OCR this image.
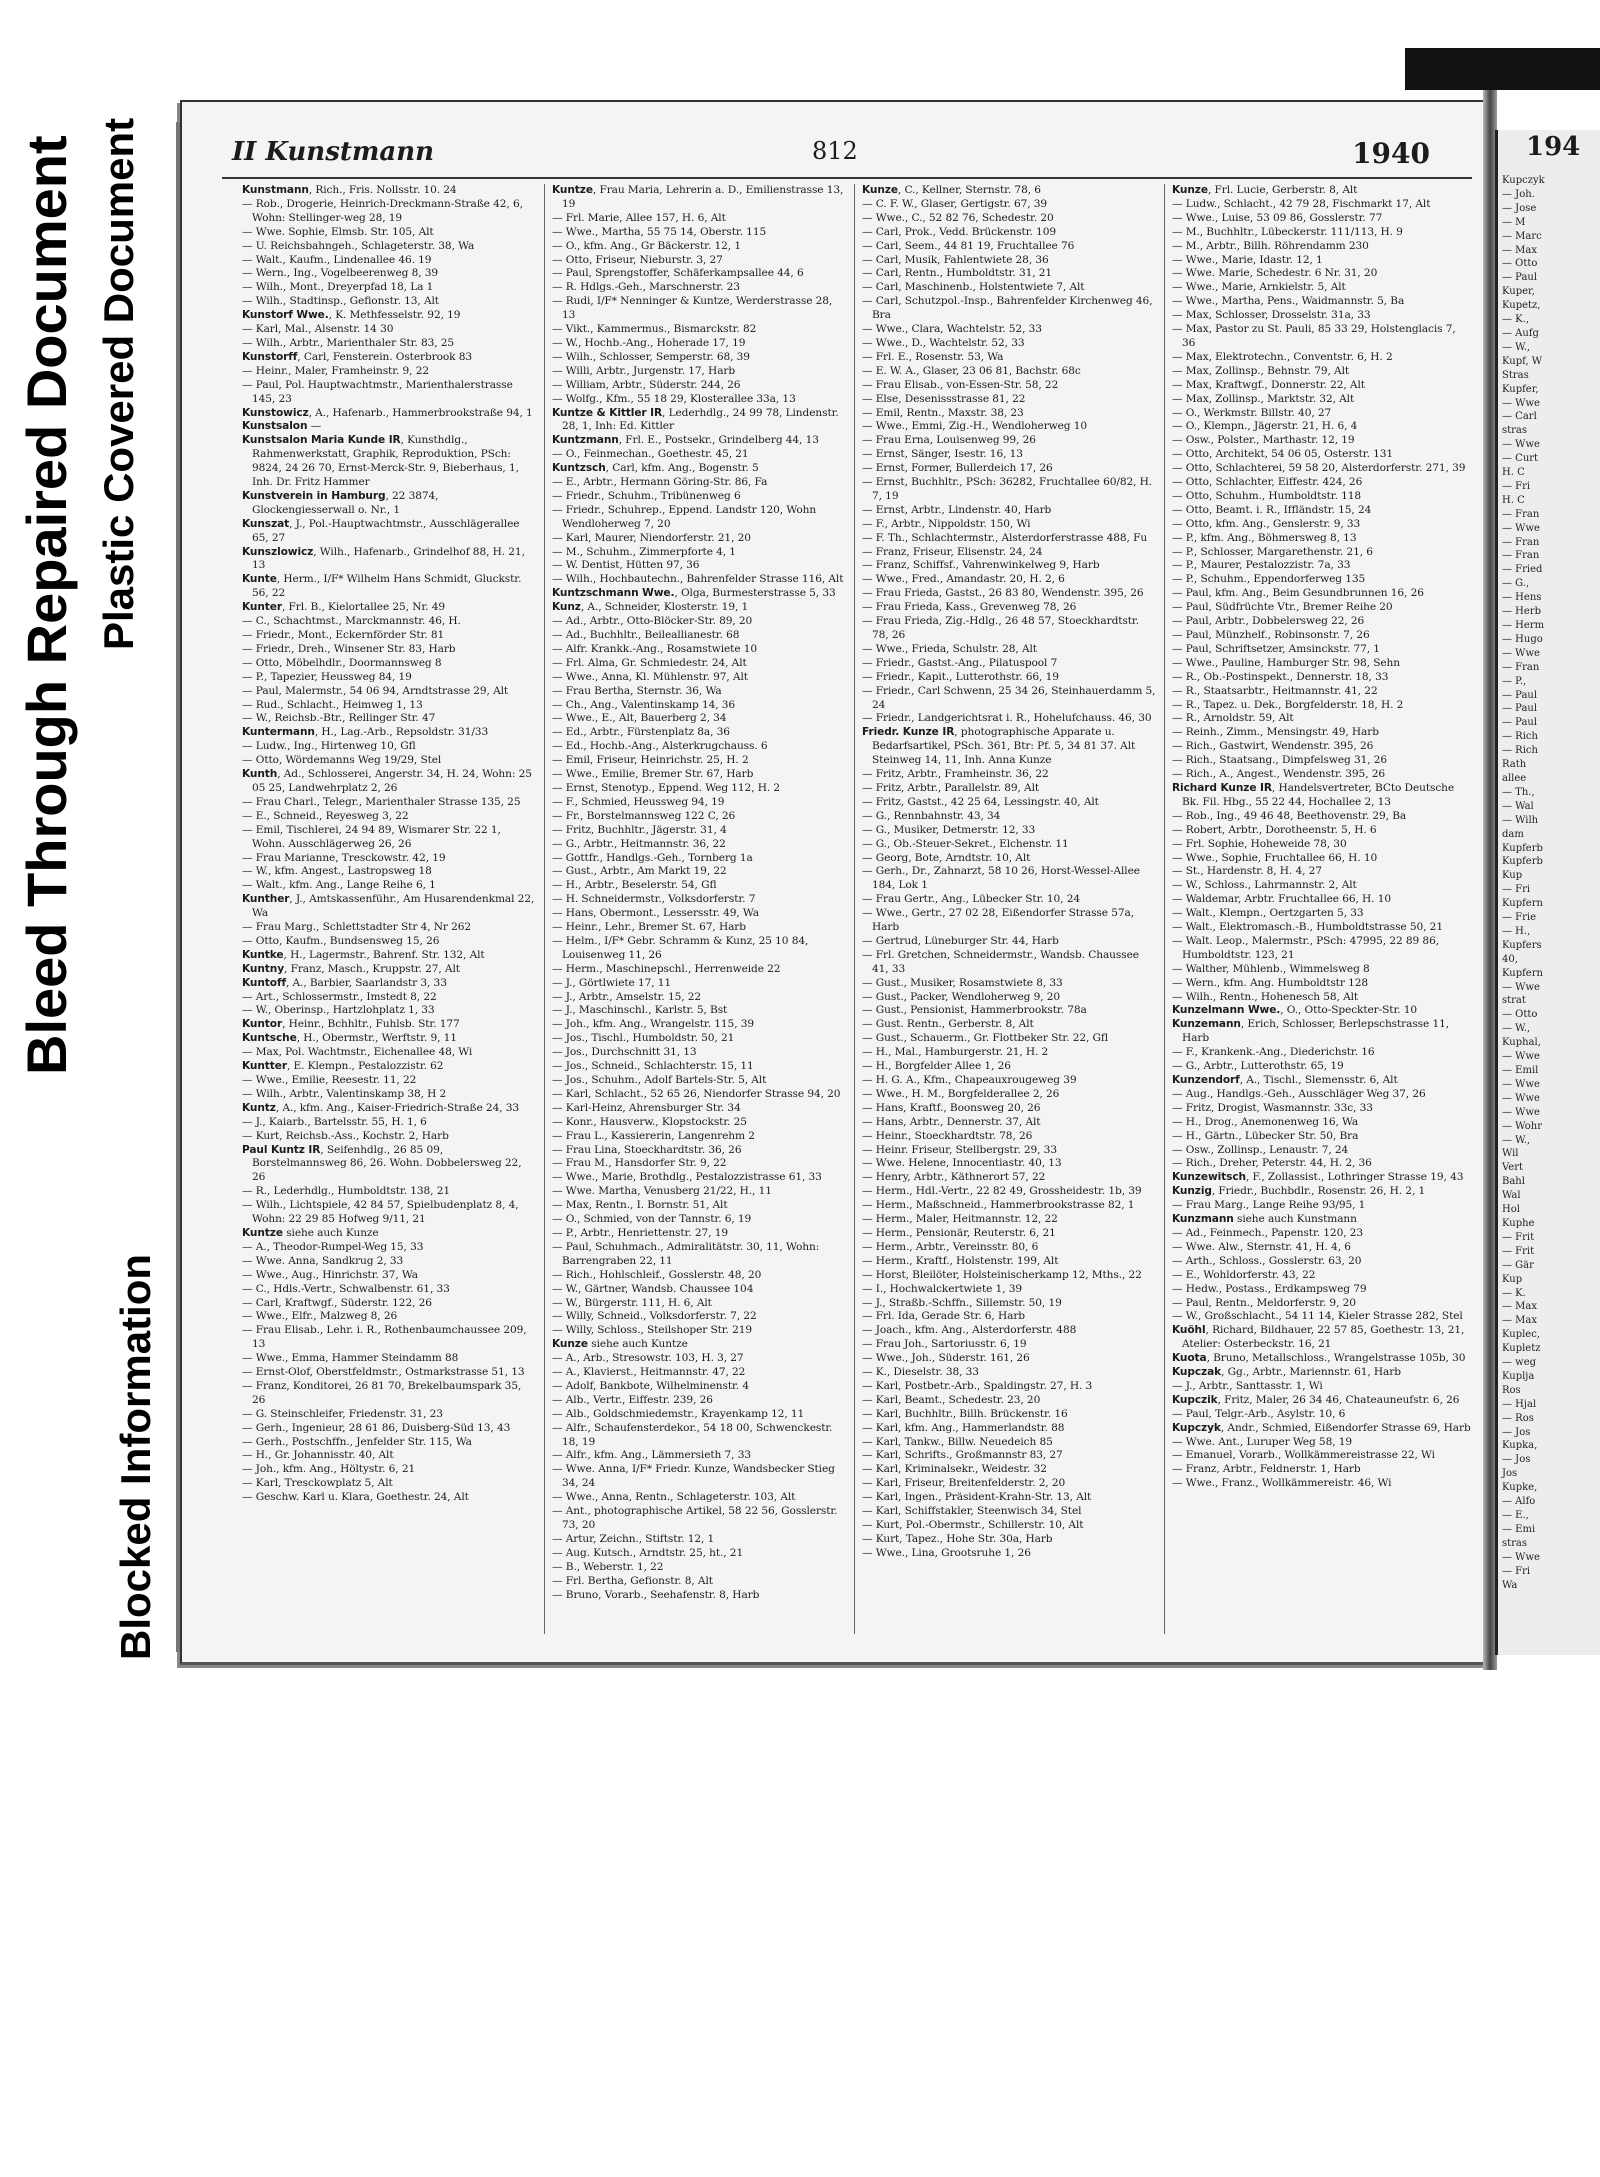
Bleed Through Repaired Document Plastic Covered Document
Blocked Information
II Kunstmann	812	1940

Kunstmann, Rich., Fris. Nollsstr. 10. 24

— Rob., Drogerie, Heinrich-Dreckmann-Straße 42, 6, Wohn: Stellinger-weg 28, 19

— Wwe. Sophie, Elmsb. Str. 105, Alt

— U. Reichsbahngeh., Schlageterstr. 38, Wa

— Walt., Kaufm., Lindenallee 46. 19

— Wern., Ing., Vogelbeerenweg 8, 39

— Wilh., Mont., Dreyerpfad 18, La 1

— Wilh., Stadtinsp., Gefionstr. 13, Alt

Kunstorf Wwe., K. Methfesselstr. 92, 19

— Karl, Mal., Alsenstr. 14 30

— Wilh., Arbtr., Marienthaler Str. 83, 25

Kunstorff, Carl, Fensterein. Osterbrook 83

— Heinr., Maler, Framheinstr. 9, 22

— Paul, Pol. Hauptwachtmstr., Marienthalerstrasse 145, 23

Kunstowicz, A., Hafenarb., Hammerbrookstraße 94, 1

Kunstsalon —

Kunstsalon Maria Kunde IR, Kunsthdlg., Rahmenwerkstatt, Graphik, Reproduktion, PSch: 9824, 24 26 70, Ernst-Merck-Str. 9, Bieberhaus, 1, Inh. Dr. Fritz Hammer

Kunstverein in Hamburg, 22 3874, Glockengiesserwall o. Nr., 1

Kunszat, J., Pol.-Hauptwachtmstr., Ausschlägerallee 65, 27

Kunszlowicz, Wilh., Hafenarb., Grindelhof 88, H. 21, 13

Kunte, Herm., I/F* Wilhelm Hans Schmidt, Gluckstr. 56, 22

Kunter, Frl. B., Kielortallee 25, Nr. 49

— C., Schachtmst., Marckmannstr. 46, H.

— Friedr., Mont., Eckernförder Str. 81

— Friedr., Dreh., Winsener Str. 83, Harb

— Otto, Möbelhdlr., Doormannsweg 8

— P., Tapezier, Heussweg 84, 19

— Paul, Malermstr., 54 06 94, Arndtstrasse 29, Alt

— Rud., Schlacht., Heimweg 1, 13

— W., Reichsb.-Btr., Rellinger Str. 47

Kuntermann, H., Lag.-Arb., Repsoldstr. 31/33

— Ludw., Ing., Hirtenweg 10, Gfl

— Otto, Wördemanns Weg 19/29, Stel

Kunth, Ad., Schlosserei, Angerstr. 34, H. 24, Wohn: 25 05 25, Landwehrplatz 2, 26

— Frau Charl., Telegr., Marienthaler Strasse 135, 25

— E., Schneid., Reyesweg 3, 22

— Emil, Tischlerei, 24 94 89, Wismarer Str. 22 1, Wohn. Ausschlägerweg 26, 26

— Frau Marianne, Tresckowstr. 42, 19

— W., kfm. Angest., Lastropsweg 18

— Walt., kfm. Ang., Lange Reihe 6, 1

Kunther, J., Amtskassenführ., Am Husarendenkmal 22, Wa

— Frau Marg., Schlettstadter Str 4, Nr 262

— Otto, Kaufm., Bundsensweg 15, 26

Kuntke, H., Lagermstr., Bahrenf. Str. 132, Alt

Kuntny, Franz, Masch., Kruppstr. 27, Alt

Kuntoff, A., Barbier, Saarlandstr 3, 33

— Art., Schlossermstr., Imstedt 8, 22

— W., Oberinsp., Hartzlohplatz 1, 33

Kuntor, Heinr., Bchhltr., Fuhlsb. Str. 177

Kuntsche, H., Obermstr., Werftstr. 9, 11

— Max, Pol. Wachtmstr., Eichenallee 48, Wi

Kuntter, E. Klempn., Pestalozzistr. 62

— Wwe., Emilie, Reesestr. 11, 22

— Wilh., Arbtr., Valentinskamp 38, H 2

Kuntz, A., kfm. Ang., Kaiser-Friedrich-Straße 24, 33

— J., Kaiarb., Bartelsstr. 55, H. 1, 6

— Kurt, Reichsb.-Ass., Kochstr. 2, Harb

Paul Kuntz IR, Seifenhdlg., 26 85 09, Borstelmannsweg 86, 26. Wohn. Dobbelersweg 22, 26

— R., Lederhdlg., Humboldtstr. 138, 21

— Wilh., Lichtspiele, 42 84 57, Spielbudenplatz 8, 4, Wohn: 22 29 85 Hofweg 9/11, 21

Kuntze siehe auch Kunze

— A., Theodor-Rumpel-Weg 15, 33

— Wwe. Anna, Sandkrug 2, 33

— Wwe., Aug., Hinrichstr. 37, Wa

— C., Hdls.-Vertr., Schwalbenstr. 61, 33

— Carl, Kraftwgf., Süderstr. 122, 26

— Wwe., Elfr., Malzweg 8, 26

— Frau Elisab., Lehr. i. R., Rothenbaumchaussee 209, 13

— Wwe., Emma, Hammer Steindamm 88

— Ernst-Olof, Oberstfeldmstr., Ostmarkstrasse 51, 13

— Franz, Konditorei, 26 81 70, Brekelbaumspark 35, 26

— G. Steinschleifer, Friedenstr. 31, 23

— Gerh., Ingenieur, 28 61 86, Duisberg-Süd 13, 43

— Gerh., Postschffn., Jenfelder Str. 115, Wa

— H., Gr. Johannisstr. 40, Alt

— Joh., kfm. Ang., Höltystr. 6, 21

— Karl, Tresckowplatz 5, Alt

— Geschw. Karl u. Klara, Goethestr. 24, Alt

Kuntze, Frau Maria, Lehrerin a. D., Emilienstrasse 13, 19

— Frl. Marie, Allee 157, H. 6, Alt

— Wwe., Martha, 55 75 14, Oberstr. 115

— O., kfm. Ang., Gr Bäckerstr. 12, 1

— Otto, Friseur, Nieburstr. 3, 27

— Paul, Sprengstoffer, Schäferkampsallee 44, 6

— R. Hdlgs.-Geh., Marschnerstr. 23

— Rudi, I/F* Nenninger & Kuntze, Werderstrasse 28, 13

— Vikt., Kammermus., Bismarckstr. 82

— W., Hochb.-Ang., Hoherade 17, 19

— Wilh., Schlosser, Semperstr. 68, 39

— Willi, Arbtr., Jurgenstr. 17, Harb

— William, Arbtr., Süderstr. 244, 26

— Wolfg., Kfm., 55 18 29, Klosterallee 33a, 13

Kuntze & Kittler IR, Lederhdlg., 24 99 78, Lindenstr. 28, 1, Inh: Ed. Kittler

Kuntzmann, Frl. E., Postsekr., Grindelberg 44, 13

— O., Feinmechan., Goethestr. 45, 21

Kuntzsch, Carl, kfm. Ang., Bogenstr. 5

— E., Arbtr., Hermann Göring-Str. 86, Fa

— Friedr., Schuhm., Tribünenweg 6

— Friedr., Schuhrep., Eppend. Landstr 120, Wohn Wendloherweg 7, 20

— Karl, Maurer, Niendorferstr. 21, 20

— M., Schuhm., Zimmerpforte 4, 1

— W. Dentist, Hütten 97, 36

— Wilh., Hochbautechn., Bahrenfelder Strasse 116, Alt

Kuntzschmann Wwe., Olga, Burmesterstrasse 5, 33

Kunz, A., Schneider, Klosterstr. 19, 1

— Ad., Arbtr., Otto-Blöcker-Str. 89, 20

— Ad., Buchhltr., Beileallianestr. 68

— Alfr. Krankk.-Ang., Rosamstwiete 10

— Frl. Alma, Gr. Schmiedestr. 24, Alt

— Wwe., Anna, Kl. Mühlenstr. 97, Alt

— Frau Bertha, Sternstr. 36, Wa

— Ch., Ang., Valentinskamp 14, 36

— Wwe., E., Alt, Bauerberg 2, 34

— Ed., Arbtr., Fürstenplatz 8a, 36

— Ed., Hochb.-Ang., Alsterkrugchauss. 6

— Emil, Friseur, Heinrichstr. 25, H. 2

— Wwe., Emilie, Bremer Str. 67, Harb

— Ernst, Stenotyp., Eppend. Weg 112, H. 2

— F., Schmied, Heussweg 94, 19

— Fr., Borstelmannsweg 122 C, 26

— Fritz, Buchhltr., Jägerstr. 31, 4

— G., Arbtr., Heitmannstr. 36, 22

— Gottfr., Handlgs.-Geh., Tornberg 1a

— Gust., Arbtr., Am Markt 19, 22

— H., Arbtr., Beselerstr. 54, Gfl

— H. Schneidermstr., Volksdorferstr. 7

— Hans, Obermont., Lessersstr. 49, Wa

— Heinr., Lehr., Bremer St. 67, Harb

— Helm., I/F* Gebr. Schramm & Kunz, 25 10 84, Louisenweg 11, 26

— Herm., Maschinepschl., Herrenweide 22

— J., Görtlwiete 17, 11

— J., Arbtr., Amselstr. 15, 22

— J., Maschinschl., Karlstr. 5, Bst

— Joh., kfm. Ang., Wrangelstr. 115, 39

— Jos., Tischl., Humboldstr. 50, 21

— Jos., Durchschnitt 31, 13

— Jos., Schneid., Schlachterstr. 15, 11

— Jos., Schuhm., Adolf Bartels-Str. 5, Alt

— Karl, Schlacht., 52 65 26, Niendorfer Strasse 94, 20

— Karl-Heinz, Ahrensburger Str. 34

— Konr., Hausverw., Klopstockstr. 25

— Frau L., Kassiererin, Langenrehm 2

— Frau Lina, Stoeckhardtstr. 36, 26

— Frau M., Hansdorfer Str. 9, 22

— Wwe., Marie, Brothdlg., Pestalozzistrasse 61, 33

— Wwe. Martha, Venusberg 21/22, H., 11

— Max, Rentn., I. Bornstr. 51, Alt

— O., Schmied, von der Tannstr. 6, 19

— P., Arbtr., Henriettenstr. 27, 19

— Paul, Schuhmach., Admiralitätstr. 30, 11, Wohn: Barrengraben 22, 11

— Rich., Hohlschleif., Gosslerstr. 48, 20

— W., Gärtner, Wandsb. Chaussee 104

— W., Bürgerstr. 111, H. 6, Alt

— Willy, Schneid., Volksdorferstr. 7, 22

— Willy, Schloss., Steilshoper Str. 219

Kunze siehe auch Kuntze

— A., Arb., Stresowstr. 103, H. 3, 27

— A., Klavierst., Heitmannstr. 47, 22

— Adolf, Bankbote, Wilhelminenstr. 4

— Alb., Vertr., Eiffestr. 239, 26

— Alb., Goldschmiedemstr., Krayenkamp 12, 11

— Alfr., Schaufensterdekor., 54 18 00, Schwenckestr. 18, 19

— Alfr., kfm. Ang., Lämmersieth 7, 33

— Wwe. Anna, I/F* Friedr. Kunze, Wandsbecker Stieg 34, 24

— Wwe., Anna, Rentn., Schlageterstr. 103, Alt

— Ant., photographische Artikel, 58 22 56, Gosslerstr. 73, 20

— Artur, Zeichn., Stiftstr. 12, 1

— Aug. Kutsch., Arndtstr. 25, ht., 21

— B., Weberstr. 1, 22

— Frl. Bertha, Gefionstr. 8, Alt

— Bruno, Vorarb., Seehafenstr. 8, Harb

Kunze, C., Kellner, Sternstr. 78, 6

— C. F. W., Glaser, Gertigstr. 67, 39

— Wwe., C., 52 82 76, Schedestr. 20

— Carl, Prok., Vedd. Brückenstr. 109

— Carl, Seem., 44 81 19, Fruchtallee 76

— Carl, Musik, Fahlentwiete 28, 36

— Carl, Rentn., Humboldtstr. 31, 21

— Carl, Maschinenb., Holstentwiete 7, Alt

— Carl, Schutzpol.-Insp., Bahrenfelder Kirchenweg 46, Bra

— Wwe., Clara, Wachtelstr. 52, 33

— Wwe., D., Wachtelstr. 52, 33

— Frl. E., Rosenstr. 53, Wa

— E. W. A., Glaser, 23 06 81, Bachstr. 68c

— Frau Elisab., von-Essen-Str. 58, 22

— Else, Desenissstrasse 81, 22

— Emil, Rentn., Maxstr. 38, 23

— Wwe., Emmi, Zig.-H., Wendloherweg 10

— Frau Erna, Louisenweg 99, 26

— Ernst, Sänger, Isestr. 16, 13

— Ernst, Former, Bullerdeich 17, 26

— Ernst, Buchhltr., PSch: 36282, Fruchtallee 60/82, H. 7, 19

— Ernst, Arbtr., Lindenstr. 40, Harb

— F., Arbtr., Nippoldstr. 150, Wi

— F. Th., Schlachtermstr., Alsterdorferstrasse 488, Fu

— Franz, Friseur, Elisenstr. 24, 24

— Franz, Schiffsf., Vahrenwinkelweg 9, Harb

— Wwe., Fred., Amandastr. 20, H. 2, 6

— Frau Frieda, Gastst., 26 83 80, Wendenstr. 395, 26

— Frau Frieda, Kass., Grevenweg 78, 26

— Frau Frieda, Zig.-Hdlg., 26 48 57, Stoeckhardtstr. 78, 26

— Wwe., Frieda, Schulstr. 28, Alt

— Friedr., Gastst.-Ang., Pilatuspool 7

— Friedr., Kapit., Lutterothstr. 66, 19

— Friedr., Carl Schwenn, 25 34 26, Steinhauerdamm 5, 24

— Friedr., Landgerichtsrat i. R., Hohelufchauss. 46, 30

Friedr. Kunze IR, photographische Apparate u. Bedarfsartikel, PSch. 361, Btr: Pf. 5, 34 81 37. Alt Steinweg 14, 11, Inh. Anna Kunze

— Fritz, Arbtr., Framheinstr. 36, 22

— Fritz, Arbtr., Parallelstr. 89, Alt

— Fritz, Gastst., 42 25 64, Lessingstr. 40, Alt

— G., Rennbahnstr. 43, 34

— G., Musiker, Detmerstr. 12, 33

— G., Ob.-Steuer-Sekret., Elchenstr. 11

— Georg, Bote, Arndtstr. 10, Alt

— Gerh., Dr., Zahnarzt, 58 10 26, Horst-Wessel-Allee 184, Lok 1

— Frau Gertr., Ang., Lübecker Str. 10, 24

— Wwe., Gertr., 27 02 28, Eißendorfer Strasse 57a, Harb

— Gertrud, Lüneburger Str. 44, Harb

— Frl. Gretchen, Schneidermstr., Wandsb. Chaussee 41, 33

— Gust., Musiker, Rosamstwiete 8, 33

— Gust., Packer, Wendloherweg 9, 20

— Gust., Pensionist, Hammerbrookstr. 78a

— Gust. Rentn., Gerberstr. 8, Alt

— Gust., Schauerm., Gr. Flottbeker Str. 22, Gfl

— H., Mal., Hamburgerstr. 21, H. 2

— H., Borgfelder Allee 1, 26

— H. G. A., Kfm., Chapeauxrougeweg 39

— Wwe., H. M., Borgfelderallee 2, 26

— Hans, Kraftf., Boonsweg 20, 26

— Hans, Arbtr., Dennerstr. 37, Alt

— Heinr., Stoeckhardtstr. 78, 26

— Heinr. Friseur, Stellbergstr. 29, 33

— Wwe. Helene, Innocentiastr. 40, 13

— Henry, Arbtr., Käthnerort 57, 22

— Herm., Hdl.-Vertr., 22 82 49, Grossheidestr. 1b, 39

— Herm., Maßschneid., Hammerbrookstrasse 82, 1

— Herm., Maler, Heitmannstr. 12, 22

— Herm., Pensionär, Reuterstr. 6, 21

— Herm., Arbtr., Vereinsstr. 80, 6

— Herm., Kraftf., Holstenstr. 199, Alt

— Horst, Bleilöter, Holsteinischerkamp 12, Mths., 22

— I., Hochwalckertwiete 1, 39

— J., Straßb.-Schffn., Sillemstr. 50, 19

— Frl. Ida, Gerade Str. 6, Harb

— Joach., kfm. Ang., Alsterdorferstr. 488

— Frau Joh., Sartoriusstr. 6, 19

— Wwe., Joh., Süderstr. 161, 26

— K., Dieselstr. 38, 33

— Karl, Postbetr.-Arb., Spaldingstr. 27, H. 3

— Karl, Beamt., Schedestr. 23, 20

— Karl, Buchhltr., Billh. Brückenstr. 16

— Karl, kfm. Ang., Hammerlandstr. 88

— Karl, Tankw., Billw. Neuedeich 85

— Karl, Schrifts., Großmannstr 83, 27

— Karl, Kriminalsekr., Weidestr. 32

— Karl, Friseur, Breitenfelderstr. 2, 20

— Karl, Ingen., Präsident-Krahn-Str. 13, Alt

— Karl, Schiffstakler, Steenwisch 34, Stel

— Kurt, Pol.-Obermstr., Schillerstr. 10, Alt

— Kurt, Tapez., Hohe Str. 30a, Harb

— Wwe., Lina, Grootsruhe 1, 26

Kunze, Frl. Lucie, Gerberstr. 8, Alt

— Ludw., Schlacht., 42 79 28, Fischmarkt 17, Alt

— Wwe., Luise, 53 09 86, Gosslerstr. 77

— M., Buchhltr., Lübeckerstr. 111/113, H. 9

— M., Arbtr., Billh. Röhrendamm 230

— Wwe., Marie, Idastr. 12, 1

— Wwe. Marie, Schedestr. 6 Nr. 31, 20

— Wwe., Marie, Arnkielstr. 5, Alt

— Wwe., Martha, Pens., Waidmannstr. 5, Ba

— Max, Schlosser, Drosselstr. 31a, 33

— Max, Pastor zu St. Pauli, 85 33 29, Holstenglacis 7, 36

— Max, Elektrotechn., Conventstr. 6, H. 2

— Max, Zollinsp., Behnstr. 79, Alt

— Max, Kraftwgf., Donnerstr. 22, Alt

— Max, Zollinsp., Marktstr. 32, Alt

— O., Werkmstr. Billstr. 40, 27

— O., Klempn., Jägerstr. 21, H. 6, 4

— Osw., Polster., Marthastr. 12, 19

— Otto, Architekt, 54 06 05, Osterstr. 131

— Otto, Schlachterei, 59 58 20, Alsterdorferstr. 271, 39

— Otto, Schlachter, Eiffestr. 424, 26

— Otto, Schuhm., Humboldtstr. 118

— Otto, Beamt. i. R., Iffländstr. 15, 24

— Otto, kfm. Ang., Genslerstr. 9, 33

— P., kfm. Ang., Böhmersweg 8, 13

— P., Schlosser, Margarethenstr. 21, 6

— P., Maurer, Pestalozzistr. 7a, 33

— P., Schuhm., Eppendorferweg 135

— Paul, kfm. Ang., Beim Gesundbrunnen 16, 26

— Paul, Südfrüchte Vtr., Bremer Reihe 20

— Paul, Arbtr., Dobbelersweg 22, 26

— Paul, Münzhelf., Robinsonstr. 7, 26

— Paul, Schriftsetzer, Amsinckstr. 77, 1

— Wwe., Pauline, Hamburger Str. 98, Sehn

— R., Ob.-Postinspekt., Dennerstr. 18, 33

— R., Staatsarbtr., Heitmannstr. 41, 22

— R., Tapez. u. Dek., Borgfelderstr. 18, H. 2

— R., Arnoldstr. 59, Alt

— Reinh., Zimm., Mensingstr. 49, Harb

— Rich., Gastwirt, Wendenstr. 395, 26

— Rich., Staatsang., Dimpfelsweg 31, 26

— Rich., A., Angest., Wendenstr. 395, 26

Richard Kunze IR, Handelsvertreter, BCto Deutsche Bk. Fil. Hbg., 55 22 44, Hochallee 2, 13

— Rob., Ing., 49 46 48, Beethovenstr. 29, Ba

— Robert, Arbtr., Dorotheenstr. 5, H. 6

— Frl. Sophie, Hoheweide 78, 30

— Wwe., Sophie, Fruchtallee 66, H. 10

— St., Hardenstr. 8, H. 4, 27

— W., Schloss., Lahrmannstr. 2, Alt

— Waldemar, Arbtr. Fruchtallee 66, H. 10

— Walt., Klempn., Oertzgarten 5, 33

— Walt., Elektromasch.-B., Humboldtstrasse 50, 21

— Walt. Leop., Malermstr., PSch: 47995, 22 89 86, Humboldtstr. 123, 21

— Walther, Mühlenb., Wimmelsweg 8

— Wern., kfm. Ang. Humboldtstr 128

— Wilh., Rentn., Hohenesch 58, Alt

Kunzelmann Wwe., O., Otto-Speckter-Str. 10

Kunzemann, Erich, Schlosser, Berlepschstrasse 11, Harb

— F., Krankenk.-Ang., Diederichstr. 16

— G., Arbtr., Lutterothstr. 65, 19

Kunzendorf, A., Tischl., Slemensstr. 6, Alt

— Aug., Handlgs.-Geh., Ausschläger Weg 37, 26

— Fritz, Drogist, Wasmannstr. 33c, 33

— H., Drog., Anemonenweg 16, Wa

— H., Gärtn., Lübecker Str. 50, Bra

— Osw., Zollinsp., Lenaustr. 7, 24

— Rich., Dreher, Peterstr. 44, H. 2, 36

Kunzewitsch, F., Zollassist., Lothringer Strasse 19, 43

Kunzig, Friedr., Buchbdlr., Rosenstr. 26, H. 2, 1

— Frau Marg., Lange Reihe 93/95, 1

Kunzmann siehe auch Kunstmann

— Ad., Feinmech., Papenstr. 120, 23

— Wwe. Alw., Sternstr. 41, H. 4, 6

— Arth., Schloss., Gosslerstr. 63, 20

— E., Wohldorferstr. 43, 22

— Hedw., Postass., Erdkampsweg 79

— Paul, Rentn., Meldorferstr. 9, 20

— W., Großschlacht., 54 11 14, Kieler Strasse 282, Stel

Kuöhl, Richard, Bildhauer, 22 57 85, Goethestr. 13, 21, Atelier: Osterbeckstr. 16, 21

Kuota, Bruno, Metallschloss., Wrangelstrasse 105b, 30

Kupczak, Gg., Arbtr., Mariennstr. 61, Harb

— J., Arbtr., Santtasstr. 1, Wi

Kupczik, Fritz, Maler, 26 34 46, Chateauneufstr. 6, 26

— Paul, Telgr.-Arb., Asylstr. 10, 6

Kupczyk, Andr., Schmied, Eißendorfer Strasse 69, Harb

— Wwe. Ant., Luruper Weg 58, 19

— Emanuel, Vorarb., Wollkämmereistrasse 22, Wi

— Franz, Arbtr., Feldnerstr. 1, Harb

— Wwe., Franz., Wollkämmereistr. 46, Wi

194
Kupczyk
— Joh.
— Jose
— M
— Marc
— Max
— Otto
— Paul
Kuper,
Kupetz,
— K.,
— Aufg
— W.,
Kupf, W
Stras
Kupfer,
— Wwe
— Carl
stras
— Wwe
— Curt
H. C
— Fri
H. C
— Fran
— Wwe
— Fran
— Fran
— Fried
— G.,
— Hens
— Herb
— Herm
— Hugo
— Wwe
— Fran
— P.,
— Paul
— Paul
— Paul
— Rich
— Rich
Rath
allee
— Th.,
— Wal
— Wilh
dam
Kupferb
Kupferb
Kup
— Fri
Kupfern
— Frie
— H.,
Kupfers
40,
Kupfern
— Wwe
strat
— Otto
— W.,
Kuphal,
— Wwe
— Emil
— Wwe
— Wwe
— Wwe
— Wohr
— W.,
Wil
Vert
Bahl
Wal
Hol
Kuphe
— Frit
— Frit
— Gär
Kup
— K.
— Max
— Max
Kuplec,
Kupletz
— weg
Kuplja
Ros
— Hjal
— Ros
— Jos
Kupka,
— Jos
Jos
Kupke,
— Alfo
— E.,
— Emi
stras
— Wwe
— Fri
Wa
